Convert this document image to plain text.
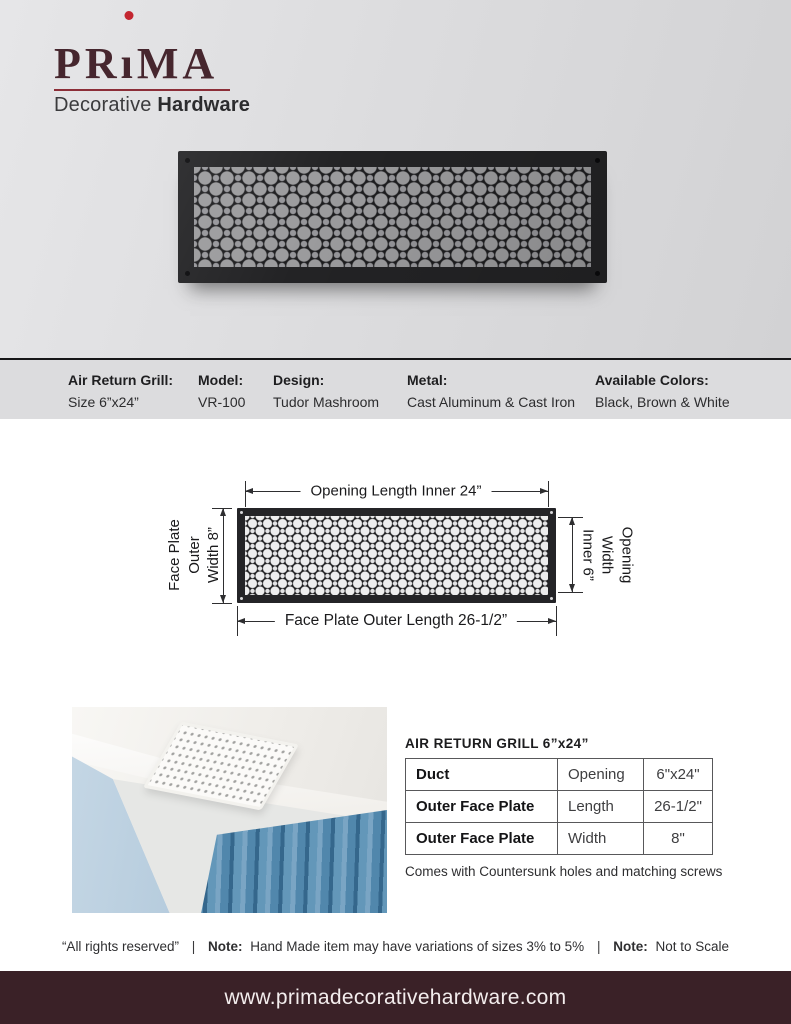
PRı
MA
Decorative Hardware
Air Return Grill:
Size 6”x24”
Model:
VR-100
Design:
Tudor Mashroom
Metal:
Cast Aluminum & Cast Iron
Available Colors:
Black, Brown & White
Opening Length Inner 24”
Face Plate Outer Length 26-1/2”
Face Plate Outer Width 8”	Opening
Width
Inner 6”
AIR RETURN GRILL 6”x24”
Duct	Opening	6"x24"
Outer Face Plate	Length	26-1/2"
Outer Face Plate	Width	8"
Comes with Countersunk holes and matching screws
“All rights reserved” | Note: Hand Made item may have variations of sizes 3% to 5% | Note: Not to Scale
www.primadecorativehardware.com
